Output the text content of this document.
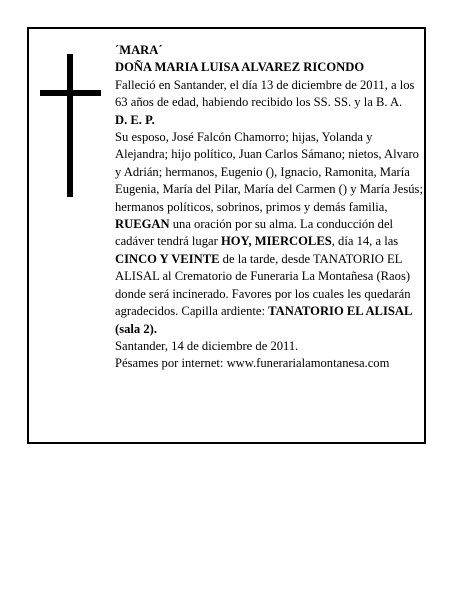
´MARA´

DOÑA MARIA LUISA ALVAREZ RICONDO

Falleció en Santander, el día 13 de diciembre de 2011, a los 63 años de edad, habiendo recibido los SS. SS. y la B. A.

D. E. P.

Su esposo, José Falcón Chamorro; hijas, Yolanda y Alejandra; hijo político, Juan Carlos Sámano; nietos, Alvaro y Adrián; hermanos, Eugenio (), Ignacio, Ramonita, María Eugenia, María del Pilar, María del Carmen () y María Jesús; hermanos políticos, sobrinos, primos y demás familia,

RUEGAN una oración por su alma. La conducción del cadáver tendrá lugar HOY, MIERCOLES, día 14, a las CINCO Y VEINTE de la tarde, desde TANATORIO EL ALISAL al Crematorio de Funeraria La Montañesa (Raos) donde será incinerado. Favores por los cuales les quedarán agradecidos. Capilla ardiente: TANATORIO EL ALISAL (sala 2).

Santander, 14 de diciembre de 2011.

Pésames por internet: www.funerarialamontanesa.com
